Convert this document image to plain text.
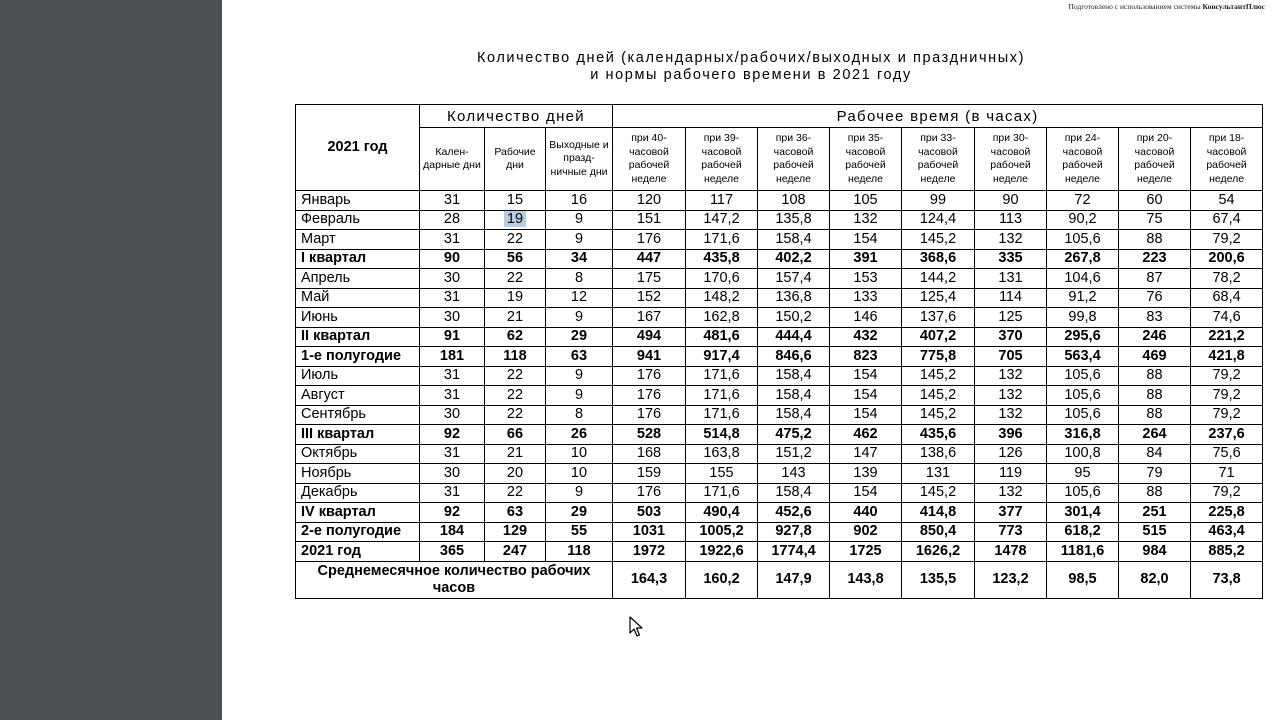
Подготовлено с использованием системы КонсультантПлюс
Количество дней (календарных/рабочих/выходных и праздничных)
и нормы рабочего времени в 2021 году
2021 год	Количество дней			Рабочее время (в часах)								
	Кален-дарные дни	Рабочие дни	Выходные и празд-ничные дни	при 40-часовой рабочей неделе	при 39-часовой рабочей неделе	при 36-часовой рабочей неделе	при 35-часовой рабочей неделе	при 33-часовой рабочей неделе	при 30-часовой рабочей неделе	при 24-часовой рабочей неделе	при 20-часовой рабочей неделе	при 18-часовой рабочей неделе
Январь	31	15	16	120	117	108	105	99	90	72	60	54
Февраль	28	19	9	151	147,2	135,8	132	124,4	113	90,2	75	67,4
Март	31	22	9	176	171,6	158,4	154	145,2	132	105,6	88	79,2
I квартал	90	56	34	447	435,8	402,2	391	368,6	335	267,8	223	200,6
Апрель	30	22	8	175	170,6	157,4	153	144,2	131	104,6	87	78,2
Май	31	19	12	152	148,2	136,8	133	125,4	114	91,2	76	68,4
Июнь	30	21	9	167	162,8	150,2	146	137,6	125	99,8	83	74,6
II квартал	91	62	29	494	481,6	444,4	432	407,2	370	295,6	246	221,2
1-е полугодие	181	118	63	941	917,4	846,6	823	775,8	705	563,4	469	421,8
Июль	31	22	9	176	171,6	158,4	154	145,2	132	105,6	88	79,2
Август	31	22	9	176	171,6	158,4	154	145,2	132	105,6	88	79,2
Сентябрь	30	22	8	176	171,6	158,4	154	145,2	132	105,6	88	79,2
III квартал	92	66	26	528	514,8	475,2	462	435,6	396	316,8	264	237,6
Октябрь	31	21	10	168	163,8	151,2	147	138,6	126	100,8	84	75,6
Ноябрь	30	20	10	159	155	143	139	131	119	95	79	71
Декабрь	31	22	9	176	171,6	158,4	154	145,2	132	105,6	88	79,2
IV квартал	92	63	29	503	490,4	452,6	440	414,8	377	301,4	251	225,8
2-е полугодие	184	129	55	1031	1005,2	927,8	902	850,4	773	618,2	515	463,4
2021 год	365	247	118	1972	1922,6	1774,4	1725	1626,2	1478	1181,6	984	885,2
Среднемесячное количество рабочих часов				164,3	160,2	147,9	143,8	135,5	123,2	98,5	82,0	73,8
